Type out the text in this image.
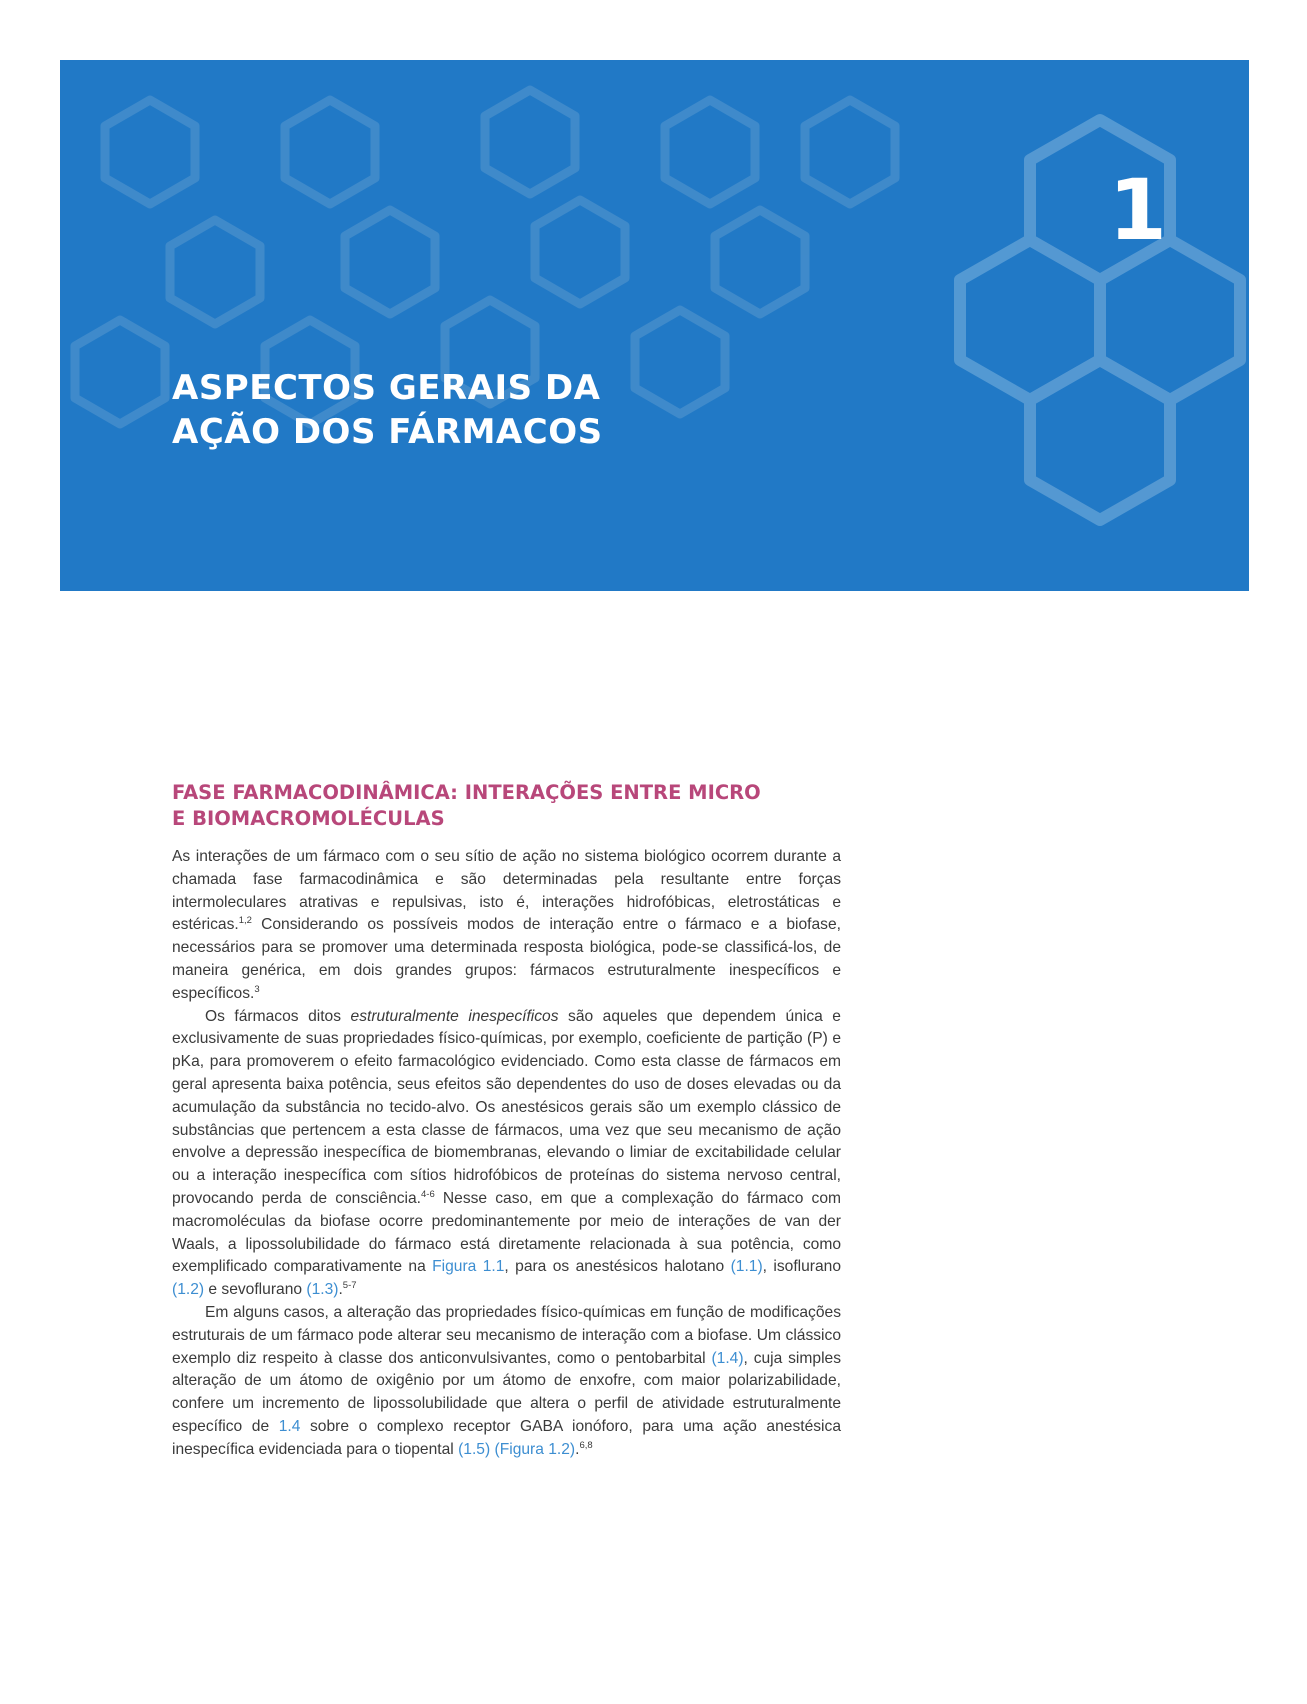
1
ASPECTOS GERAIS DA
AÇÃO DOS FÁRMACOS
FASE FARMACODINÂMICA: INTERAÇÕES ENTRE MICRO
E BIOMACROMOLÉCULAS

As interações de um fármaco com o seu sítio de ação no sistema biológico ocorrem durante a chamada fase farmacodinâmica e são determinadas pela resultante entre forças intermoleculares atrativas e repulsivas, isto é, interações hidrofóbicas, eletrostáticas e estéricas.$^{1,2}$ Considerando os possíveis modos de interação entre o fármaco e a biofase, necessários para se promover uma determinada resposta biológica, pode-se classificá-los, de maneira genérica, em dois grandes grupos: fármacos estruturalmente inespecíficos e específicos.$^3$

Os fármacos ditos estruturalmente inespecíficos são aqueles que dependem única e exclusivamente de suas propriedades físico-químicas, por exemplo, coeficiente de partição (P) e pKa, para promoverem o efeito farmacológico evidenciado. Como esta classe de fármacos em geral apresenta baixa potência, seus efeitos são dependentes do uso de doses elevadas ou da acumulação da substância no tecido-alvo. Os anestésicos gerais são um exemplo clássico de substâncias que pertencem a esta classe de fármacos, uma vez que seu mecanismo de ação envolve a depressão inespecífica de biomembranas, elevando o limiar de excitabilidade celular ou a interação inespecífica com sítios hidrofóbicos de proteínas do sistema nervoso central, provocando perda de consciência.$^{4-6}$ Nesse caso, em que a complexação do fármaco com macromoléculas da biofase ocorre predominantemente por meio de interações de van der Waals, a lipossolubilidade do fármaco está diretamente relacionada à sua potência, como exemplificado comparativamente na Figura 1.1, para os anestésicos halotano (1.1), isoflurano (1.2) e sevoflurano (1.3).$^{5-7}$

Em alguns casos, a alteração das propriedades físico-químicas em função de modificações estruturais de um fármaco pode alterar seu mecanismo de interação com a biofase. Um clássico exemplo diz respeito à classe dos anticonvulsivantes, como o pentobarbital (1.4), cuja simples alteração de um átomo de oxigênio por um átomo de enxofre, com maior polarizabilidade, confere um incremento de lipossolubilidade que altera o perfil de atividade estruturalmente específico de 1.4 sobre o complexo receptor GABA ionóforo, para uma ação anestésica inespecífica evidenciada para o tiopental (1.5) (Figura 1.2).$^{6,8}$
